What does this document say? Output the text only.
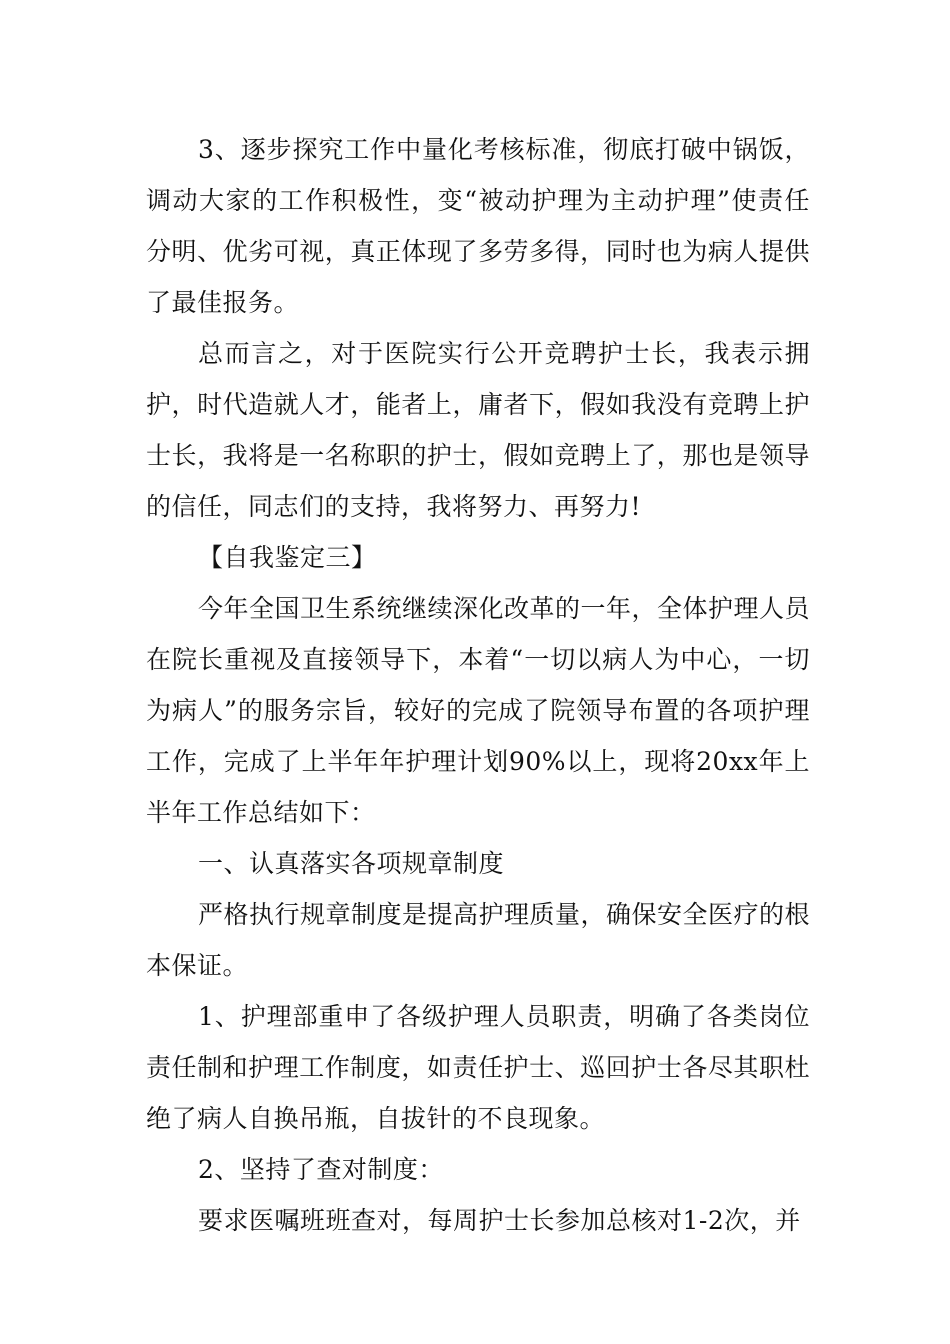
3、逐步探究工作中量化考核标准，彻底打破中锅饭，调动大家的工作积极性，变“被动护理为主动护理”使责任分明、优劣可视，真正体现了多劳多得，同时也为病人提供了最佳报务。

总而言之，对于医院实行公开竞聘护士长，我表示拥护，时代造就人才，能者上，庸者下，假如我没有竞聘上护士长，我将是一名称职的护士，假如竞聘上了，那也是领导的信任，同志们的支持，我将努力、再努力!

【自我鉴定三】

今年全国卫生系统继续深化改革的一年，全体护理人员在院长重视及直接领导下，本着“一切以病人为中心，一切为病人”的服务宗旨，较好的完成了院领导布置的各项护理工作，完成了上半年年护理计划90%以上，现将20xx年上半年工作总结如下：

一、认真落实各项规章制度

严格执行规章制度是提高护理质量，确保安全医疗的根本保证。

1、护理部重申了各级护理人员职责，明确了各类岗位责任制和护理工作制度，如责任护士、巡回护士各尽其职杜绝了病人自换吊瓶，自拔针的不良现象。

2、坚持了查对制度：

要求医嘱班班查对，每周护士长参加总核对1-2次，并
